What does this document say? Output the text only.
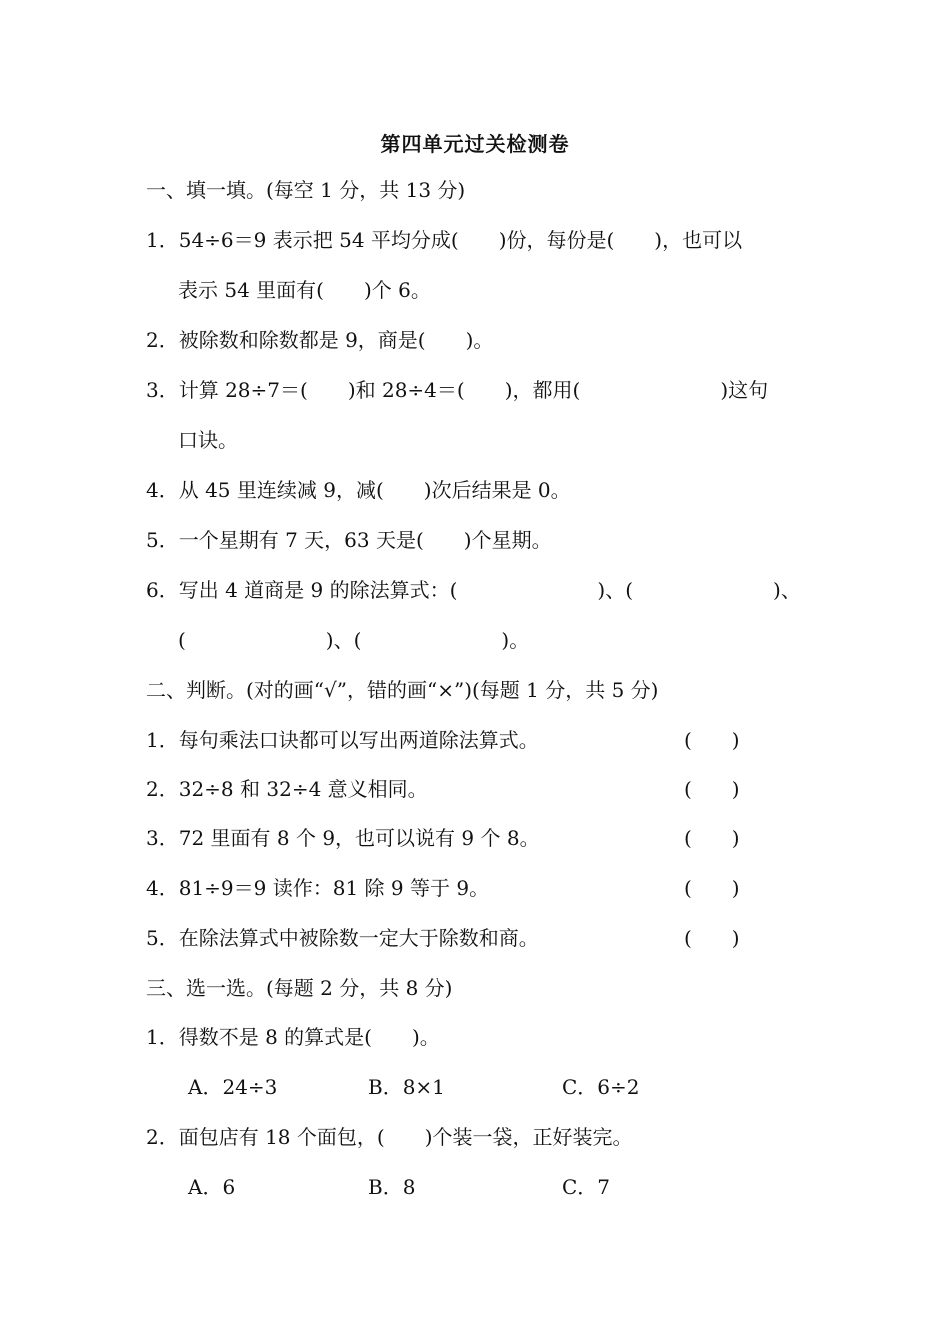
第四单元过关检测卷
一、填一填。(每空 1 分，共 13 分)
1．54÷6＝9 表示把 54 平均分成(　　)份，每份是(　　)，也可以
表示 54 里面有(　　)个 6。
2．被除数和除数都是 9，商是(　　)。
3．计算 28÷7＝(　　)和 28÷4＝(　　)，都用(　　　　　　　)这句
口诀。
4．从 45 里连续减 9，减(　　)次后结果是 0。
5．一个星期有 7 天，63 天是(　　)个星期。
6．写出 4 道商是 9 的除法算式：(　　　　　　　)、(　　　　　　　)、
(　　　　　　　)、(　　　　　　　)。
二、判断。(对的画“√”，错的画“×”)(每题 1 分，共 5 分)
1．每句乘法口诀都可以写出两道除法算式。	(　　)
2．32÷8 和 32÷4 意义相同。	(　　)
3．72 里面有 8 个 9，也可以说有 9 个 8。	(　　)
4．81÷9＝9 读作：81 除 9 等于 9。	(　　)
5．在除法算式中被除数一定大于除数和商。	(　　)
三、选一选。(每题 2 分，共 8 分)
1．得数不是 8 的算式是(　　)。
A．24÷3	B．8×1	C．6÷2
2．面包店有 18 个面包，(　　)个装一袋，正好装完。
A．6	B．8	C．7
